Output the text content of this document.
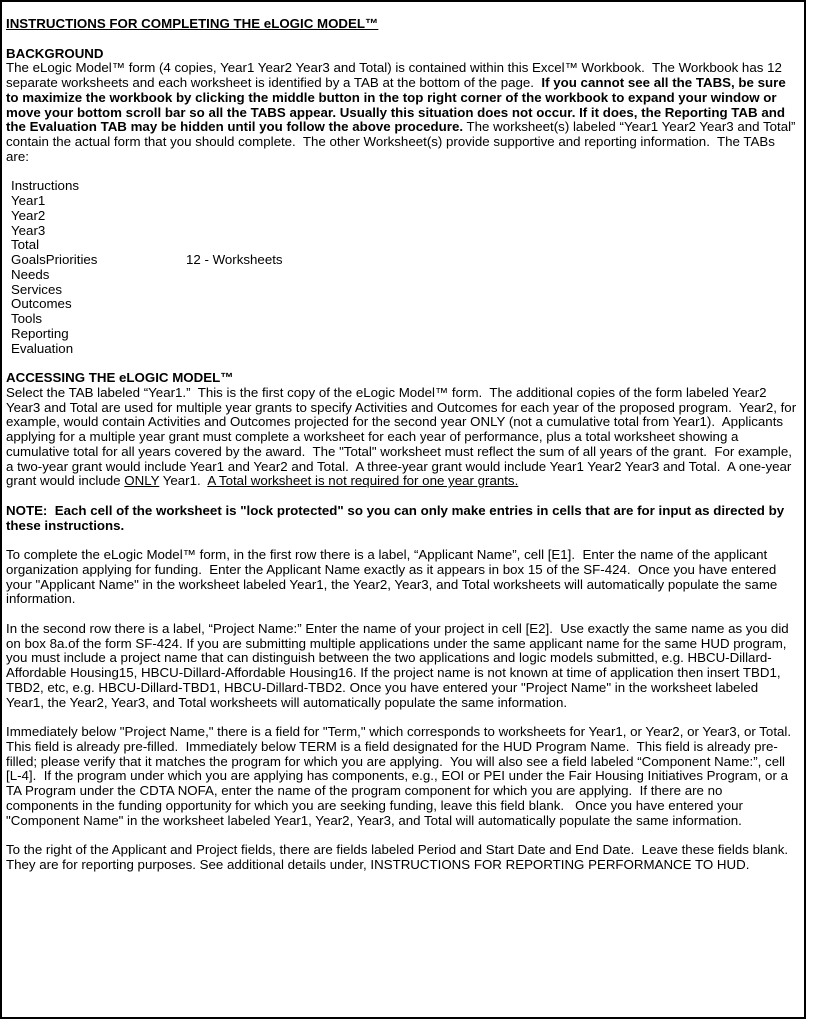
INSTRUCTIONS FOR COMPLETING THE eLOGIC MODEL™
BACKGROUND

The eLogic Model™ form (4 copies, Year1 Year2 Year3 and Total) is contained within this Excel™ Workbook.  The Workbook has 12 separate worksheets and each worksheet is identified by a TAB at the bottom of the page.  If you cannot see all the TABS, be sure to maximize the workbook by clicking the middle button in the top right corner of the workbook to expand your window or move your bottom scroll bar so all the TABS appear. Usually this situation does not occur. If it does, the Reporting TAB and the Evaluation TAB may be hidden until you follow the above procedure. The worksheet(s) labeled “Year1 Year2 Year3 and Total” contain the actual form that you should complete.  The other Worksheet(s) provide supportive and reporting information.  The TABs are:

Instructions
Year1
Year2
Year3
Total
GoalsPriorities	12 - Worksheets
Needs
Services
Outcomes
Tools
Reporting
Evaluation
ACCESSING THE eLOGIC MODEL™

Select the TAB labeled “Year1.”  This is the first copy of the eLogic Model™ form.  The additional copies of the form labeled Year2 Year3 and Total are used for multiple year grants to specify Activities and Outcomes for each year of the proposed program.  Year2, for example, would contain Activities and Outcomes projected for the second year ONLY (not a cumulative total from Year1).  Applicants applying for a multiple year grant must complete a worksheet for each year of performance, plus a total worksheet showing a cumulative total for all years covered by the award.  The "Total" worksheet must reflect the sum of all years of the grant.  For example, a two-year grant would include Year1 and Year2 and Total.  A three-year grant would include Year1 Year2 Year3 and Total.  A one-year grant would include ONLY Year1.  A Total worksheet is not required for one year grants.

NOTE:  Each cell of the worksheet is "lock protected" so you can only make entries in cells that are for input as directed by these instructions.

To complete the eLogic Model™ form, in the first row there is a label, “Applicant Name”, cell [E1].  Enter the name of the applicant organization applying for funding.  Enter the Applicant Name exactly as it appears in box 15 of the SF-424.  Once you have entered your "Applicant Name" in the worksheet labeled Year1, the Year2, Year3, and Total worksheets will automatically populate the same information.

In the second row there is a label, “Project Name:” Enter the name of your project in cell [E2].  Use exactly the same name as you did on box 8a.of the form SF-424. If you are submitting multiple applications under the same applicant name for the same HUD program, you must include a project name that can distinguish between the two applications and logic models submitted, e.g. HBCU-Dillard-Affordable Housing15, HBCU-Dillard-Affordable Housing16. If the project name is not known at time of application then insert TBD1, TBD2, etc, e.g. HBCU-Dillard-TBD1, HBCU-Dillard-TBD2. Once you have entered your "Project Name" in the worksheet labeled Year1, the Year2, Year3, and Total worksheets will automatically populate the same information.

Immediately below "Project Name," there is a field for "Term," which corresponds to worksheets for Year1, or Year2, or Year3, or Total.  This field is already pre-filled.  Immediately below TERM is a field designated for the HUD Program Name.  This field is already pre-filled; please verify that it matches the program for which you are applying.  You will also see a field labeled “Component Name:”, cell [L-4].  If the program under which you are applying has components, e.g., EOI or PEI under the Fair Housing Initiatives Program, or a TA Program under the CDTA NOFA, enter the name of the program component for which you are applying.  If there are no components in the funding opportunity for which you are seeking funding, leave this field blank.   Once you have entered your "Component Name" in the worksheet labeled Year1, Year2, Year3, and Total will automatically populate the same information.

To the right of the Applicant and Project fields, there are fields labeled Period and Start Date and End Date.  Leave these fields blank.  They are for reporting purposes. See additional details under, INSTRUCTIONS FOR REPORTING PERFORMANCE TO HUD.
